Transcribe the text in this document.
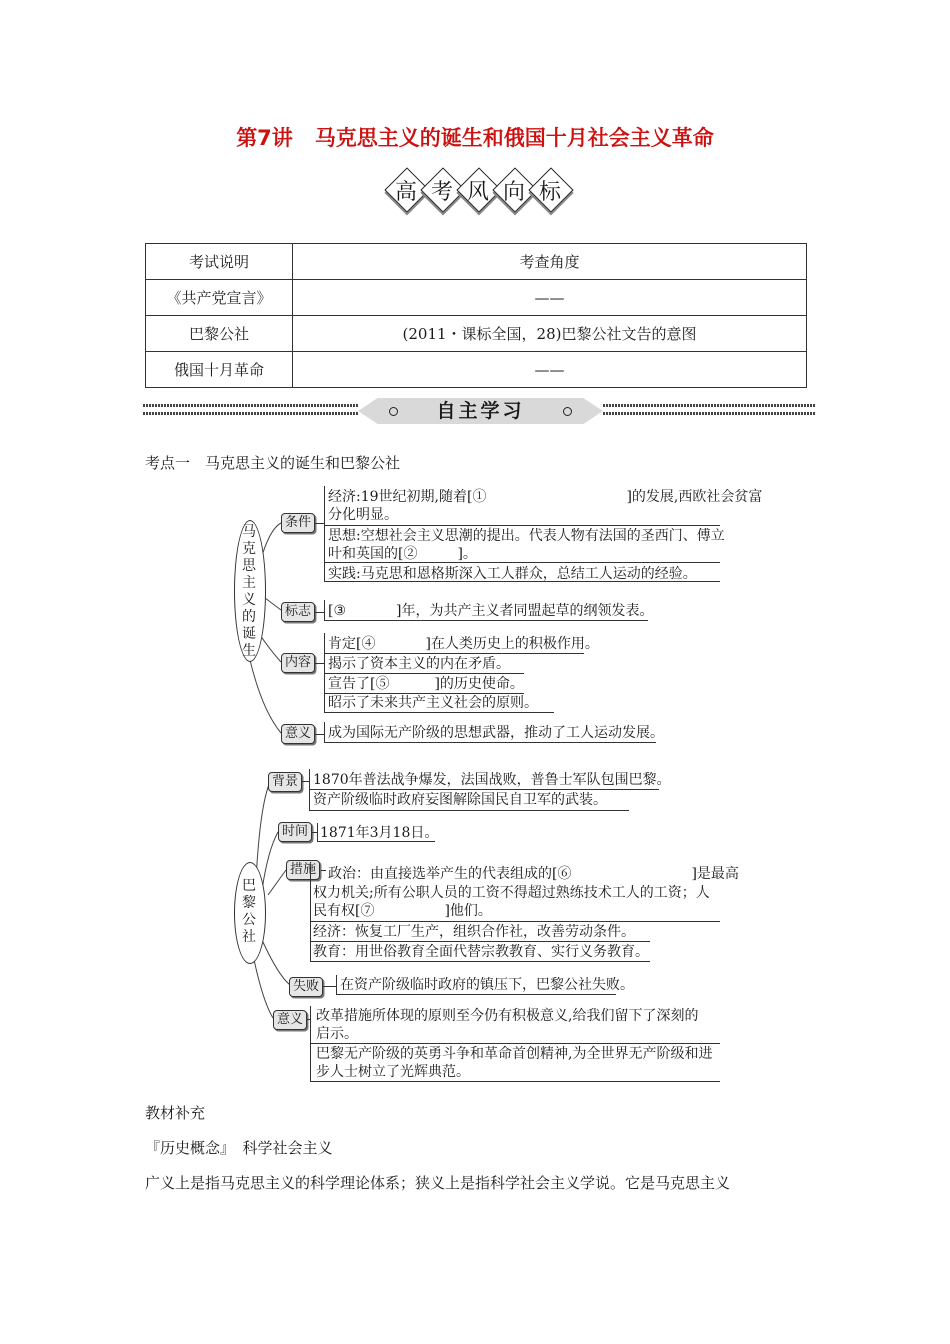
第7讲 马克思主义的诞生和俄国十月社会主义革命
高 考 风 向 标
考试说明	考查角度
《共产党宣言》	——
巴黎公社	(2011・课标全国，28)巴黎公社文告的意图
俄国十月革命	——
自主学习
考点一　马克思主义的诞生和巴黎公社
马
克
思
主
义
的
诞
生
条件
标志
内容
意义
经济:19世纪初期,随着[①	]的发展,西欧社会贫富
分化明显。
思想:空想社会主义思潮的提出。代表人物有法国的圣西门、傅立
叶和英国的[②	]。
实践:马克思和恩格斯深入工人群众，总结工人运动的经验。
[③	]年，为共产主义者同盟起草的纲领发表。
肯定[④	]在人类历史上的积极作用。
揭示了资本主义的内在矛盾。
宣告了[⑤	]的历史使命。
昭示了未来共产主义社会的原则。
成为国际无产阶级的思想武器，推动了工人运动发展。
巴
黎
公
社
背景
时间
措施
失败
意义
1870年普法战争爆发，法国战败，普鲁士军队包围巴黎。
资产阶级临时政府妄图解除国民自卫军的武装。
1871年3月18日。
政治：由直接选举产生的代表组成的[⑥	]是最高
权力机关;所有公职人员的工资不得超过熟练技术工人的工资；人
民有权[⑦	]他们。
经济：恢复工厂生产，组织合作社，改善劳动条件。
教育：用世俗教育全面代替宗教教育、实行义务教育。
在资产阶级临时政府的镇压下，巴黎公社失败。
改革措施所体现的原则至今仍有积极意义,给我们留下了深刻的
启示。
巴黎无产阶级的英勇斗争和革命首创精神,为全世界无产阶级和进
步人士树立了光辉典范。
教材补充
『历史概念』　 科学社会主义
广义上是指马克思主义的科学理论体系；狭义上是指科学社会主义学说。它是马克思主义
